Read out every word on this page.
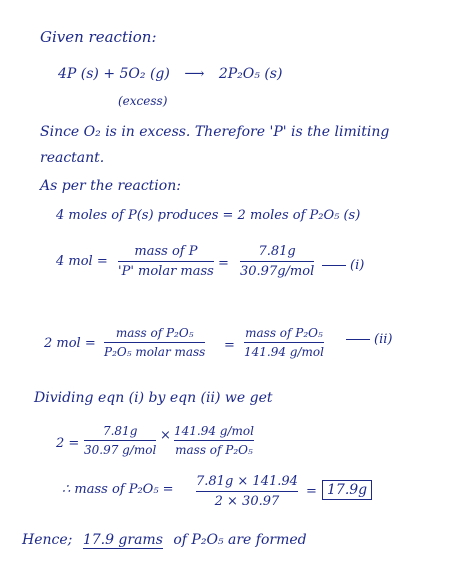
Given reaction:
4P (s) + 5O₂ (g) ⟶ 2P₂O₅ (s)
(excess)
Since O₂ is in excess. Therefore 'P' is the limiting
reactant.
As per the reaction:
4 moles of P(s) produces = 2 moles of P₂O₅ (s)
4 mol =
mass of P
'P' molar mass
=
7.81g
30.97g/mol	(i)
2 mol =
mass of P₂O₅
P₂O₅ molar mass =
mass of P₂O₅
141.94 g/mol
(ii)
Dividing eqn (i) by eqn (ii) we get
2 =
7.81g
30.97 g/mol
× 141.94 g/mol
mass of P₂O₅
∴ mass of P₂O₅ =
7.81g × 141.94
2 × 30.97
= 17.9g
Hence; 17.9 grams of P₂O₅ are formed
